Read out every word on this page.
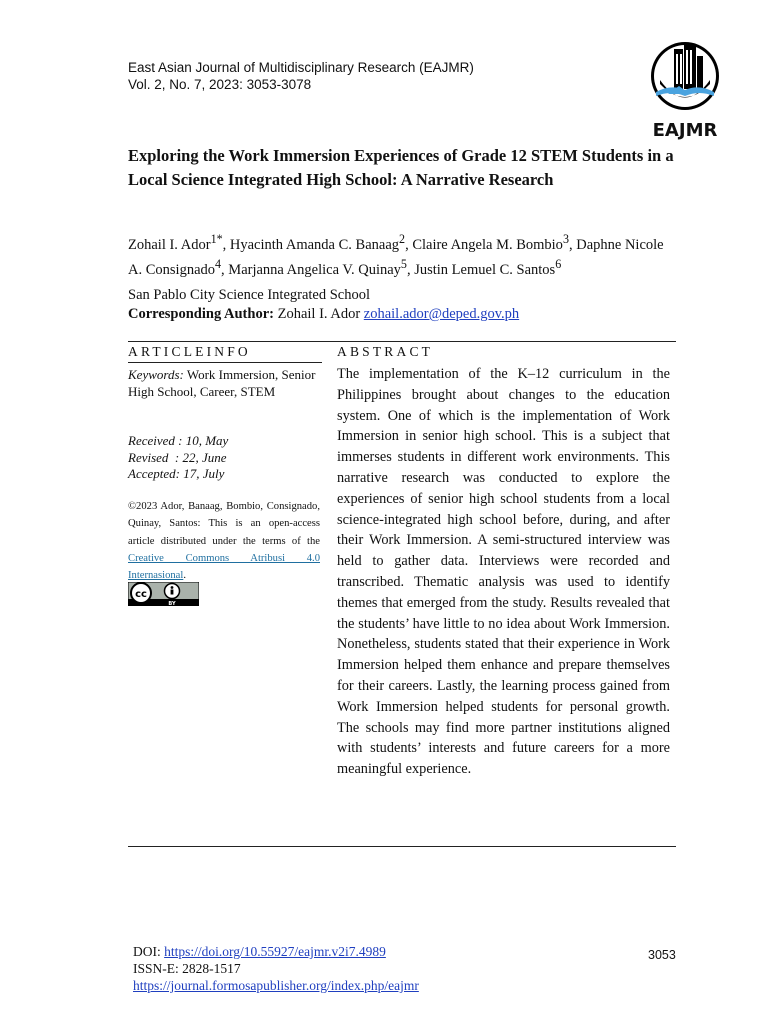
East Asian Journal of Multidisciplinary Research (EAJMR)
Vol. 2, No. 7, 2023: 3053-3078
EAJMR
Exploring the Work Immersion Experiences of Grade 12 STEM Students in a Local Science Integrated High School: A Narrative Research
Zohail I. Ador$^{1*}$, Hyacinth Amanda C. Banaag$^2$, Claire Angela M. Bombio$^3$, Daphne Nicole A. Consignado$^4$, Marjanna Angelica V. Quinay$^5$, Justin Lemuel C. Santos$^6$
San Pablo City Science Integrated School
Corresponding Author: Zohail I. Ador zohail.ador@deped.gov.ph
ARTICLEINFO
Keywords: Work Immersion, Senior High School, Career, STEM
Received : 10, May
Revised  : 22, June
Accepted: 17, July
©2023 Ador, Banaag, Bombio, Consignado, Quinay, Santos: This is an open-access article distributed under the terms of the Creative Commons Atribusi 4.0 Internasional.
cc
BY
ABSTRACT
The implementation of the K–12 curriculum in the Philippines brought about changes to the education system. One of which is the implementation of Work Immersion in senior high school. This is a subject that immerses students in different work environments. This narrative research was conducted to explore the experiences of senior high school students from a local science-integrated high school before, during, and after their Work Immersion. A semi-structured interview was held to gather data. Interviews were recorded and transcribed. Thematic analysis was used to identify themes that emerged from the study. Results revealed that the students’ have little to no idea about Work Immersion. Nonetheless, students stated that their experience in Work Immersion helped them enhance and prepare themselves for their careers. Lastly, the learning process gained from Work Immersion helped students for personal growth. The schools may find more partner institutions aligned with students’ interests and future careers for a more meaningful experience.
DOI: https://doi.org/10.55927/eajmr.v2i7.4989
ISSN-E: 2828-1517
https://journal.formosapublisher.org/index.php/eajmr
3053
